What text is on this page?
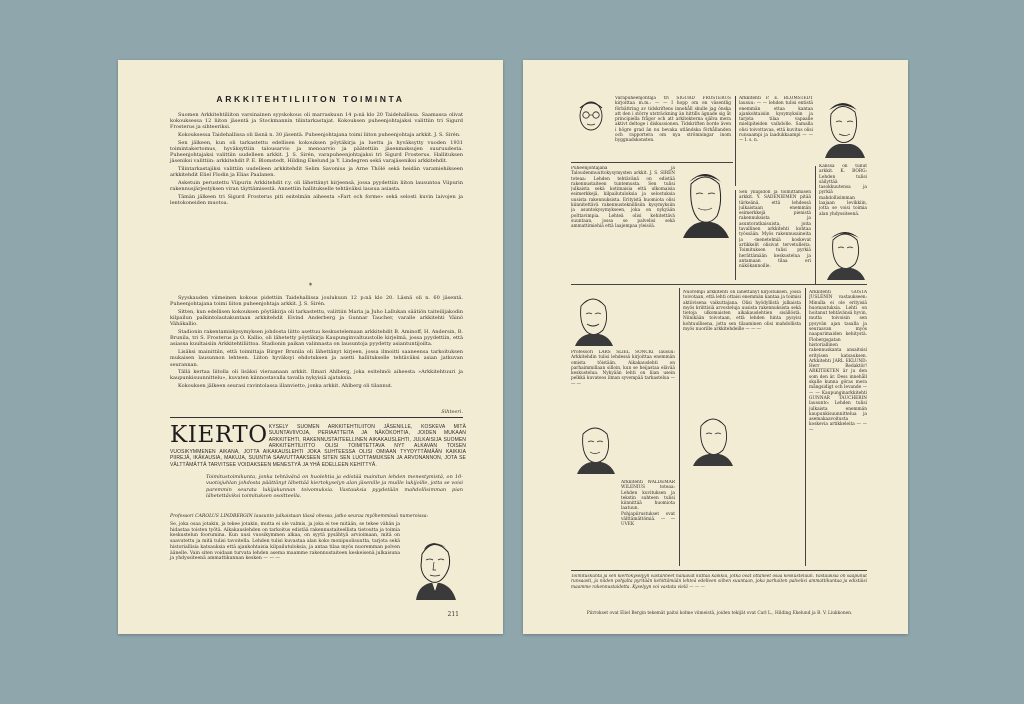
ARKKITEHTILIITON TOIMINTA

Suomen Arkkitehtiliiton varsinainen syyskokous oli marraskuun 14 p:nä klo 20 Taidehallissa. Saamassa olivat kokouksessa 12 liiton jäsentä ja Stockmannin tilintarkastajat. Kokouksen puheenjohtajaksi valittiin tri Sigurd Frosterus ja sihteeriksi.

Kokouksessa Taidehallissa oli läsnä n. 30 jäsentä. Puheenjohtajana toimi liiton puheenjohtaja arkkit. J. S. Sirén.

Sen jälkeen, kun oli tarkastettu edellisen kokouksen pöytäkirja ja luettu ja hyväksytty vuoden 1931 toimintakertomus, hyväksyttiin talousarvio ja menoarvio ja päätettiin jäsenmaksujen suuruudesta. Puheenjohtajaksi valittiin uudelleen arkkit. J. S. Sirén, varapuheenjohtajaksi tri Sigurd Frosterus. Hallituksen jäseniksi valittiin: arkkitehdit P. E. Blomstedt, Hilding Ekelund ja Y. Lindegren sekä varajäseniksi arkkitehdit.

Tilintarkastajiksi valittiin uudelleen arkkitehdit Selim Savonius ja Arne Thölé sekä heidän varamiehikseen arkkitehdit Eliel Flodin ja Elias Paalanen.

Asketuin perustettu Viipurin Arkkitehdit r.y. oli lähettänyt kirjeensä, jossa pyydettiin liiton lausuntoa Viipurin rakennusjärjestyksen viran täyttämisestä. Annettiin hallitukselle tehtäväksi lausua asiasta.

Tämän jälkeen tri Sigurd Frosterus piti esitelmän aiheesta »Fart och forme» sekä selosti kuvin laivojen ja lentokoneiden muotoa.

*

Syyskauden viimeinen kokous pidettiin Taidehallissa joulukuun 12 p:nä klo 20. Läsnä oli n. 60 jäsentä. Puheenjohtajana toimi liiton puheenjohtaja arkkit. J. S. Sirén.

Sitten, kun edellisen kokouksen pöytäkirja oli tarkastettu, valittiin Maria ja Juho Lallukan säätiön taiteilijakodin kilpailun palkintolautakuntaan arkkitehdit Eivind Anderberg ja Gunnar Taucher, varalle arkkitehti Väinö Vähäkallio.

Stadionin rakentamiskysymyksen johdosta liitto asettuu keskustelemaan arkkitehdit B. Aminoff, H. Andersin, B. Brunila, tri S. Frosterus ja O. Kallio, oli lähetetty pöytäkirja Kaupunginvaltuustolle kirjelmä, jossa pyydettiin, että asiassa kuultaisiin Arkkitehtiliittoa. Stadionin paikan valinnasta on lausuntoja pyydetty asiantuntijoilta.

Lisäksi mainittiin, että toimittaja Birger Brunila oli lähettänyt kirjeen, jossa ilmoitti saaneensa tarkoituksen mukaisen lausunnon lehteen. Liiton hyväksyi ehdotuksen ja asetti hallitukselle tehtäväksi asian jatkuvan seurannan.

Tällä kertaa liitolla oli lisäksi vieraanaan arkkit. Ilmari Ahlberg, joka esitelmöi aiheesta »Arkkitehtuuri ja kaupunkisuunnittelu», kuvaten kiinnostavalla tavalla nykyisiä ajatuksia.

Kokouksen jälkeen seurasi ravintolassa illanvietto, jonka arkkit. Ahlberg oli tilannut.

Sihteeri.
KIERTO KYSELY SUOMEN ARKKITEHTILIITON JÄSENILLE, KOSKEVA MITÄ SUUNTAVIIVOJA, PERIAATTEITA JA NÄKÖKOHTIA, JOIDEN MUKAAN ARKKITEHTI, RAKENNUSTAITEELLINEN AIKAKAUSLEHTI, JULKAISIJA SUOMEN ARKKITEHTILIITTO OLISI TOIMITETTAVA NYT ALKAVAN TOISEN VUOSIKYMMENEN AIKANA, JOTTA AIKAKAUSLEHTI JOKA SUHTEESSA OLISI OMIAAN TYYDYTTÄMÄÄN KAIKKIA PIIREJÄ, IKÄKAUSIA, MAKUJA, SUUNTIA SAAVUTTAAKSEEN SITEN SEN LUOTTAMUKSEN JA ARVONANNON, JOTA SE VÄLTTÄMÄTTÄ TARVITSEE VOIDAKSEEN MENESTYÄ JA YHÄ EDELLEEN KEHITTYÄ.
Toimitustoimikunta, jonka tehtävänä on huolehtia ja edistää mainitun lehden menestymistä, on 10-vuotisjuhlan johdosta päättänyt lähettää kiertokyselyn alan jäsenille ja muille lukijoille, jotta se voisi paremmin seurata lukijakunnan toivomuksia. Vastauksia pyydetään mahdollisimman pian lähetettäviksi toimituksen osoitteella.
Professori CAROLUS LINDBERGIN lausunto julkaistaan tässä ohessa, jatko seuraa myöhemmissä numeroissa:

Se, joka osaa jotakin, ja tekee jotakin, mutta ei ole valmis, ja joka ei tee mitään, se tekee vähän ja hidastaa toisten työtä. Aikakauslehden on tarkoitus edistää rakennustaiteellista tietoutta ja toimia keskustelun foorumina. Kun uusi vuosikymmen alkaa, on syytä pysähtyä arvioimaan, mitä on saavutettu ja mitä tulisi tavoitella. Lehden tulisi kuvastaa alan koko monipuolisuutta, tarjota sekä historiallisia katsauksia että ajankohtaisia kilpailutuloksia, ja antaa tilaa myös nuoremman polven äänelle. Vain siten voidaan turvata lehden asema maamme rakennustaiteen keskeisenä julkaisuna ja yhdyssiteenä ammattikunnan kesken — — —

211

Varapuheenjohtaja tri SIGURD FROSTERUS kirjoittaa m.m.: — — I hopp om en väsentlig förbättring av tidskriftens innehåll skulle jag önska att den i större utsträckning än hittills ägnade sig åt principiella frågor och att arkitekterna själva mera aktivt deltoge i diskussionen. Tidskriften borde även i högre grad än nu bevaka utländska förhållanden och rapportera om nya strömningar inom byggnadskonsten.

Arkkitehti P. E. BLOMSTEDT lausuu: — — lehden tulisi entistä enemmän ottaa kantaa ajankohtaisiin kysymyksiin ja tarjota tilaa vapaalle mielipiteiden vaihdolle. Samalla olisi toivottavaa, että kuvitus olisi runsaampi ja laadukkaampi — — — I. s. n.

Puheenjohtajana ja Taloudenmuuttokysymysten arkkit. J. S. SIRÉN toteaa: Lehden tehtävänä on edistää rakennustaiteen tuntemusta. Sen tulisi julkaista sekä kotimaisia että ulkomaisia esimerkkejä, kilpailutuloksia ja selostuksia uusista rakennuksista. Erityistä huomiota olisi kiinnitettävä rakennusteknillisiin kysymyksiin ja asuntokysymykseen, joka on nykyään polttavimpia. Lehteä olisi kehitettävä suuntaan, jossa se palvelisi sekä ammattimiehiä että laajempaa yleisöä.

Sen ylläpidon ja toimittamisen arkkit. Y. SADENIEMEN pitää tärkeänä, että lehdessä julkaistaan enemmän esimerkkejä pienistä rakennuksista ja asuntoratkaisuista, joita tavallinen arkkitehti kohtaa työssään. Myös rakennusaineita ja -menetelmiä koskevat artikkelit olisivat tervetulleita. Toimituksen tulisi pyrkiä herättämään keskustelua ja antamaan tilaa eri näkökannoille.

Kanssa on tullut arkkit. K. BORG: Lehden tulisi säilyttää tasokkuutensa ja pyrkiä mahdollisimman laajaan levikkiin, jotta se voisi toimia alan yhdyssiteenä.

Professori LARS SLIEL SONCKI lausuu: Arkkitehdin tulisi lehdessä kirjoittaa enemmän omista töistään. Aikakauslehti on parhaimmillaan silloin, kun se heijastaa elävää keskustelua. Nykyään lehti on liian usein pelkkä kuvateos ilman syvempää tarkastelua — — —

Arkkitehti WALDEMAR WILENIUS toteaa: Lehden kuvituksen ja tekstin suhteen tulisi kiinnittää huomiota laatuun. Pohjapiirustukset ovat välttämättömiä. — — UVEK

Nuorempi arkkitehti on lähettänyt kirjoituksen, jossa toivotaan, että lehti ottaisi enemmän kantaa ja toimisi aktiivisena vaikuttajana. Olisi hyödyllistä julkaista myös kriittisiä arvosteluja uusista rakennuksista sekä tietoja ulkomaisten aikakauslehtien sisällöstä. Niinikään toivotaan, että lehden hinta pysyisi kohtuullisena, jotta sen tilaaminen olisi mahdollista myös nuorille arkkitehdeille — — —

Arkkitehti GÖSTA JUSLÉNIN vastaukseen: Minulla ei ole erityisiä huomautuksia. Lehti on hoitanut tehtävänsä hyvin, mutta toivoisin sen pysyvän ajan tasalla ja seuraavan myös naapurimaiden kehitystä. Flobergsgatan historiallinen rakennuskanta ansaitsisi erityisen katsauksen. Arkkitehti JARL EKLUND: Herr Redaktör! ARKITEKTEN är ju den som den är. Dess innehåll skulle kunna göras mera mångsidigt och levande — — — Kaupunginarkkitehti GUNNAR TAUCHERIN lausunto: Lehden tulisi julkaista enemmän kaupunkisuunnittelua ja asemakaavoitusta koskevia artikkeleita — — —

Toimituskunta ja sen kiertokyselyyn vastanneet haluavat kiittää kaikkia, jotka ovat ottaneet osaa keskusteluun. Vastauksia on saapunut runsaasti, ja niiden pohjalta pyritään kehittämään lehteä edelleen siihen suuntaan, joka parhaiten palvelisi ammattikuntaa ja edistäisi maamme rakennustaidetta. Kyselyyn voi vastata vielä — — —

Piirrokset ovat Eliel Bergin tekemät paitsi kolme viimeistä, joiden tekijät ovat Carl L., Hilding Ekelund ja B. V. Liukkonen.
